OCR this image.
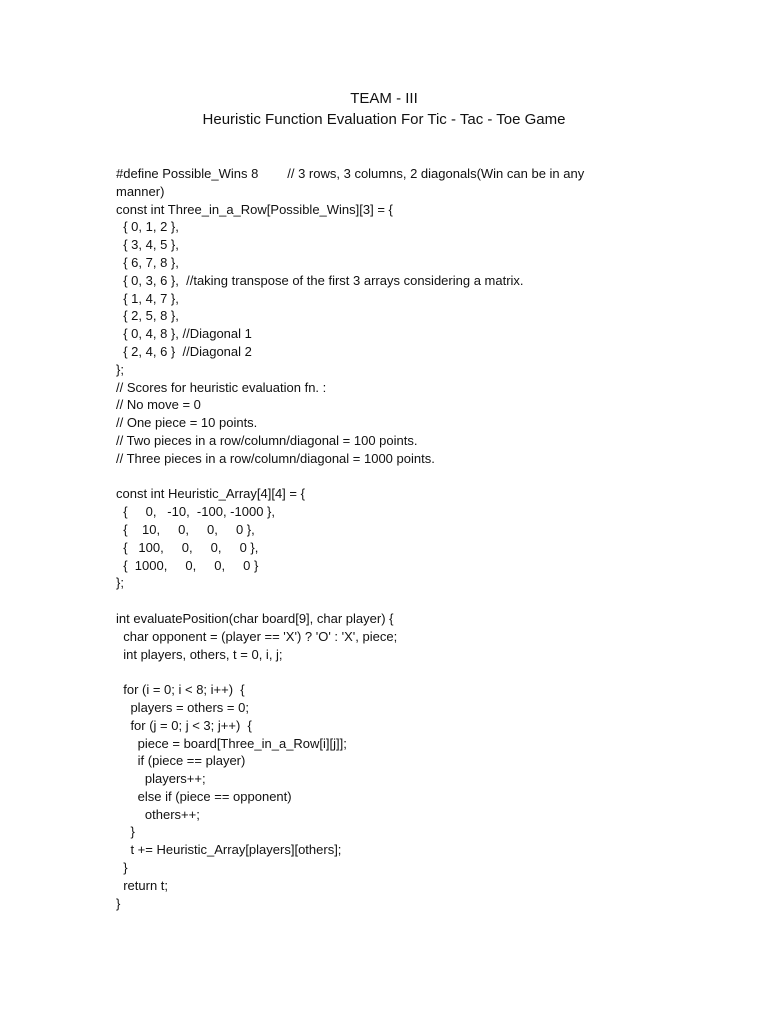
TEAM - III
Heuristic Function Evaluation For Tic - Tac - Toe Game
#define Possible_Wins 8        // 3 rows, 3 columns, 2 diagonals(Win can be in any
manner)
const int Three_in_a_Row[Possible_Wins][3] = {
{ 0, 1, 2 },
{ 3, 4, 5 },
{ 6, 7, 8 },
{ 0, 3, 6 },  //taking transpose of the first 3 arrays considering a matrix.
{ 1, 4, 7 },
{ 2, 5, 8 },
{ 0, 4, 8 }, //Diagonal 1
{ 2, 4, 6 }  //Diagonal 2
};
// Scores for heuristic evaluation fn. :
// No move = 0
// One piece = 10 points.
// Two pieces in a row/column/diagonal = 100 points.
// Three pieces in a row/column/diagonal = 1000 points.
const int Heuristic_Array[4][4] = {
{     0,   -10,  -100, -1000 },
{    10,     0,     0,     0 },
{   100,     0,     0,     0 },
{  1000,     0,     0,     0 }
};
int evaluatePosition(char board[9], char player) {
char opponent = (player == 'X') ? 'O' : 'X', piece;
int players, others, t = 0, i, j;
for (i = 0; i < 8; i++)  {
players = others = 0;
for (j = 0; j < 3; j++)  {
piece = board[Three_in_a_Row[i][j]];
if (piece == player)
players++;
else if (piece == opponent)
others++;
}
t += Heuristic_Array[players][others];
}
return t;
}
